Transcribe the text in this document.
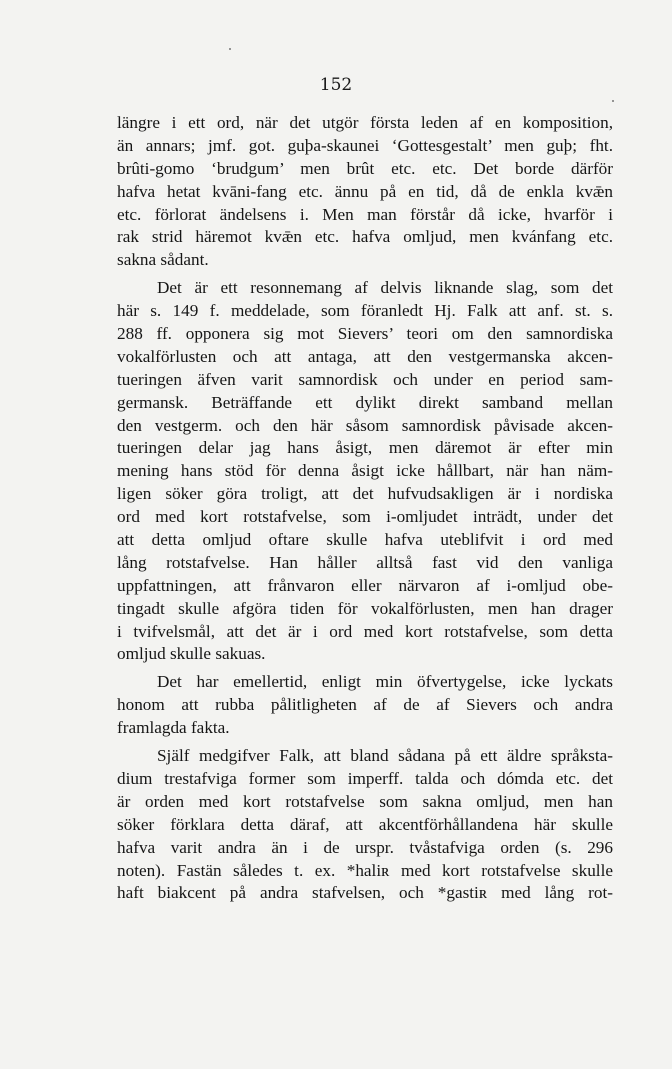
152
längre i ett ord, när det utgör första leden af en komposition,
än annars; jmf. got. guþa-skaunei ‘Gottesgestalt’ men guþ; fht.
brûti-gomo ‘brudgum’ men brût etc. etc. Det borde därför
hafva hetat kvāni-fang etc. ännu på en tid, då de enkla kvǣn
etc. förlorat ändelsens i. Men man förstår då icke, hvarför i
rak strid häremot kvǣn etc. hafva omljud, men kvánfang etc.
sakna sådant.
Det är ett resonnemang af delvis liknande slag, som det
här s. 149 f. meddelade, som föranledt Hj. Falk att anf. st. s.
288 ff. opponera sig mot Sievers’ teori om den samnordiska
vokalförlusten och att antaga, att den vestgermanska akcen-
tueringen äfven varit samnordisk och under en period sam-
germansk. Beträffande ett dylikt direkt samband mellan
den vestgerm. och den här såsom samnordisk påvisade akcen-
tueringen delar jag hans åsigt, men däremot är efter min
mening hans stöd för denna åsigt icke hållbart, när han näm-
ligen söker göra troligt, att det hufvudsakligen är i nordiska
ord med kort rotstafvelse, som i-omljudet inträdt, under det
att detta omljud oftare skulle hafva uteblifvit i ord med
lång rotstafvelse. Han håller alltså fast vid den vanliga
uppfattningen, att frånvaron eller närvaron af i-omljud obe-
tingadt skulle afgöra tiden för vokalförlusten, men han drager
i tvifvelsmål, att det är i ord med kort rotstafvelse, som detta
omljud skulle sakuas.
Det har emellertid, enligt min öfvertygelse, icke lyckats
honom att rubba pålitligheten af de af Sievers och andra
framlagda fakta.
Själf medgifver Falk, att bland sådana på ett äldre språksta-
dium trestafviga former som imperff. talda och dómda etc. det
är orden med kort rotstafvelse som sakna omljud, men han
söker förklara detta däraf, att akcentförhållandena här skulle
hafva varit andra än i de urspr. tvåstafviga orden (s. 296
noten). Fastän således t. ex. *haliʀ med kort rotstafvelse skulle
haft biakcent på andra stafvelsen, och *gastiʀ med lång rot-
